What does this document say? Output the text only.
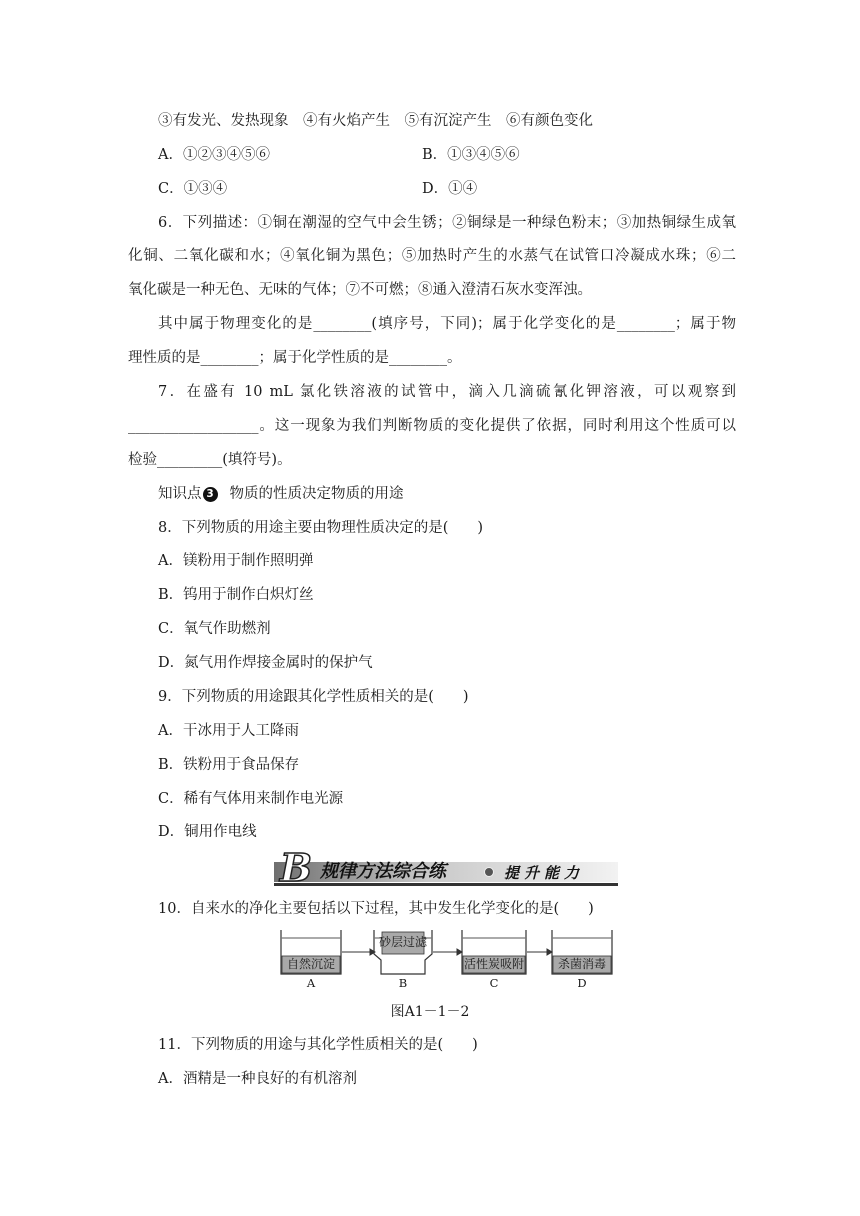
③有发光、发热现象　④有火焰产生　⑤有沉淀产生　⑥有颜色变化
A．①②③④⑤⑥	B．①③④⑤⑥
C．①③④	D．①④
6．下列描述：①铜在潮湿的空气中会生锈；②铜绿是一种绿色粉末；③加热铜绿生成氧
化铜、二氧化碳和水；④氧化铜为黑色；⑤加热时产生的水蒸气在试管口冷凝成水珠；⑥二
氧化碳是一种无色、无味的气体；⑦不可燃；⑧通入澄清石灰水变浑浊。
其中属于物理变化的是________(填序号，下同)；属于化学变化的是________；属于物
理性质的是________；属于化学性质的是________。
7．在盛有 10 mL 氯化铁溶液的试管中，滴入几滴硫氰化钾溶液，可以观察到
__________________。这一现象为我们判断物质的变化提供了依据，同时利用这个性质可以
检验_________(填符号)。
知识点 3 物质的性质决定物质的用途
8．下列物质的用途主要由物理性质决定的是(　　)
A．镁粉用于制作照明弹
B．钨用于制作白炽灯丝
C．氧气作助燃剂
D．氮气用作焊接金属时的保护气
9．下列物质的用途跟其化学性质相关的是(　　)
A．干冰用于人工降雨
B．铁粉用于食品保存
C．稀有气体用来制作电光源
D．铜用作电线
B 规律方法综合练	提升能力
10．自来水的净化主要包括以下过程，其中发生化学变化的是(　　)
自然沉淀
砂层过滤
活性炭吸附	杀菌消毒
A	B	C	D
图A1－1－2
11．下列物质的用途与其化学性质相关的是(　　)
A．酒精是一种良好的有机溶剂
